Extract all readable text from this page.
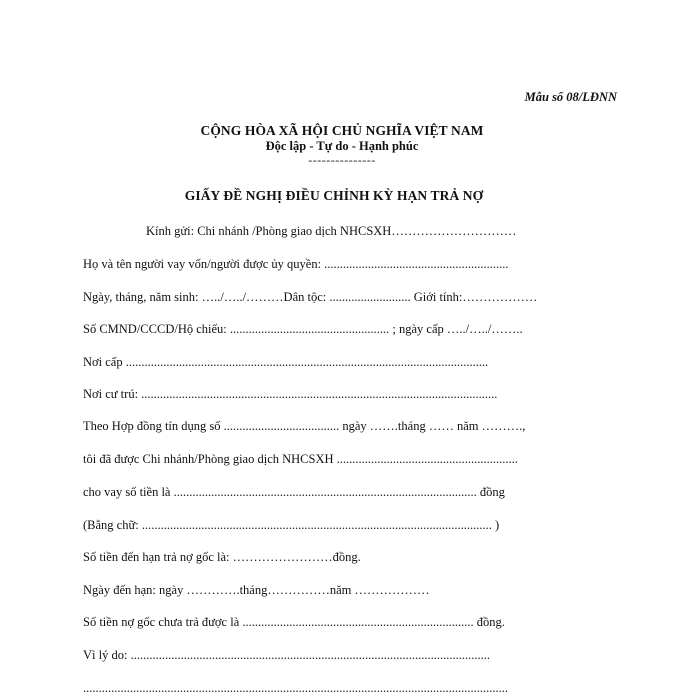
Mẫu số 08/LĐNN
CỘNG HÒA XÃ HỘI CHỦ NGHĨA VIỆT NAM
Độc lập - Tự do - Hạnh phúc
---------------
GIẤY ĐỀ NGHỊ ĐIỀU CHỈNH KỲ HẠN TRẢ NỢ
Kính gửi: Chi nhánh /Phòng giao dịch NHCSXH…………………………
Họ và tên người vay vốn/người được ủy quyền: ...........................................................
Ngày, tháng, năm sinh: …../…../………Dân tộc: .......................... Giới tính:………………
Số CMND/CCCD/Hộ chiếu: ................................................... ; ngày cấp …../…../……..
Nơi cấp ....................................................................................................................
Nơi cư trú: ..................................................................................................................
Theo Hợp đồng tín dụng số ..................................... ngày …….tháng …… năm ……….,
tôi đã được Chi nhánh/Phòng giao dịch NHCSXH ..........................................................
cho vay số tiền là ................................................................................................. đồng
(Bằng chữ: ................................................................................................................ )
Số tiền đến hạn trả nợ gốc là: ……………………đồng.
Ngày đến hạn: ngày ………….tháng……………năm ………………
Số tiền nợ gốc chưa trả được là .......................................................................... đồng.
Vì lý do: ...................................................................................................................
........................................................................................................................................
